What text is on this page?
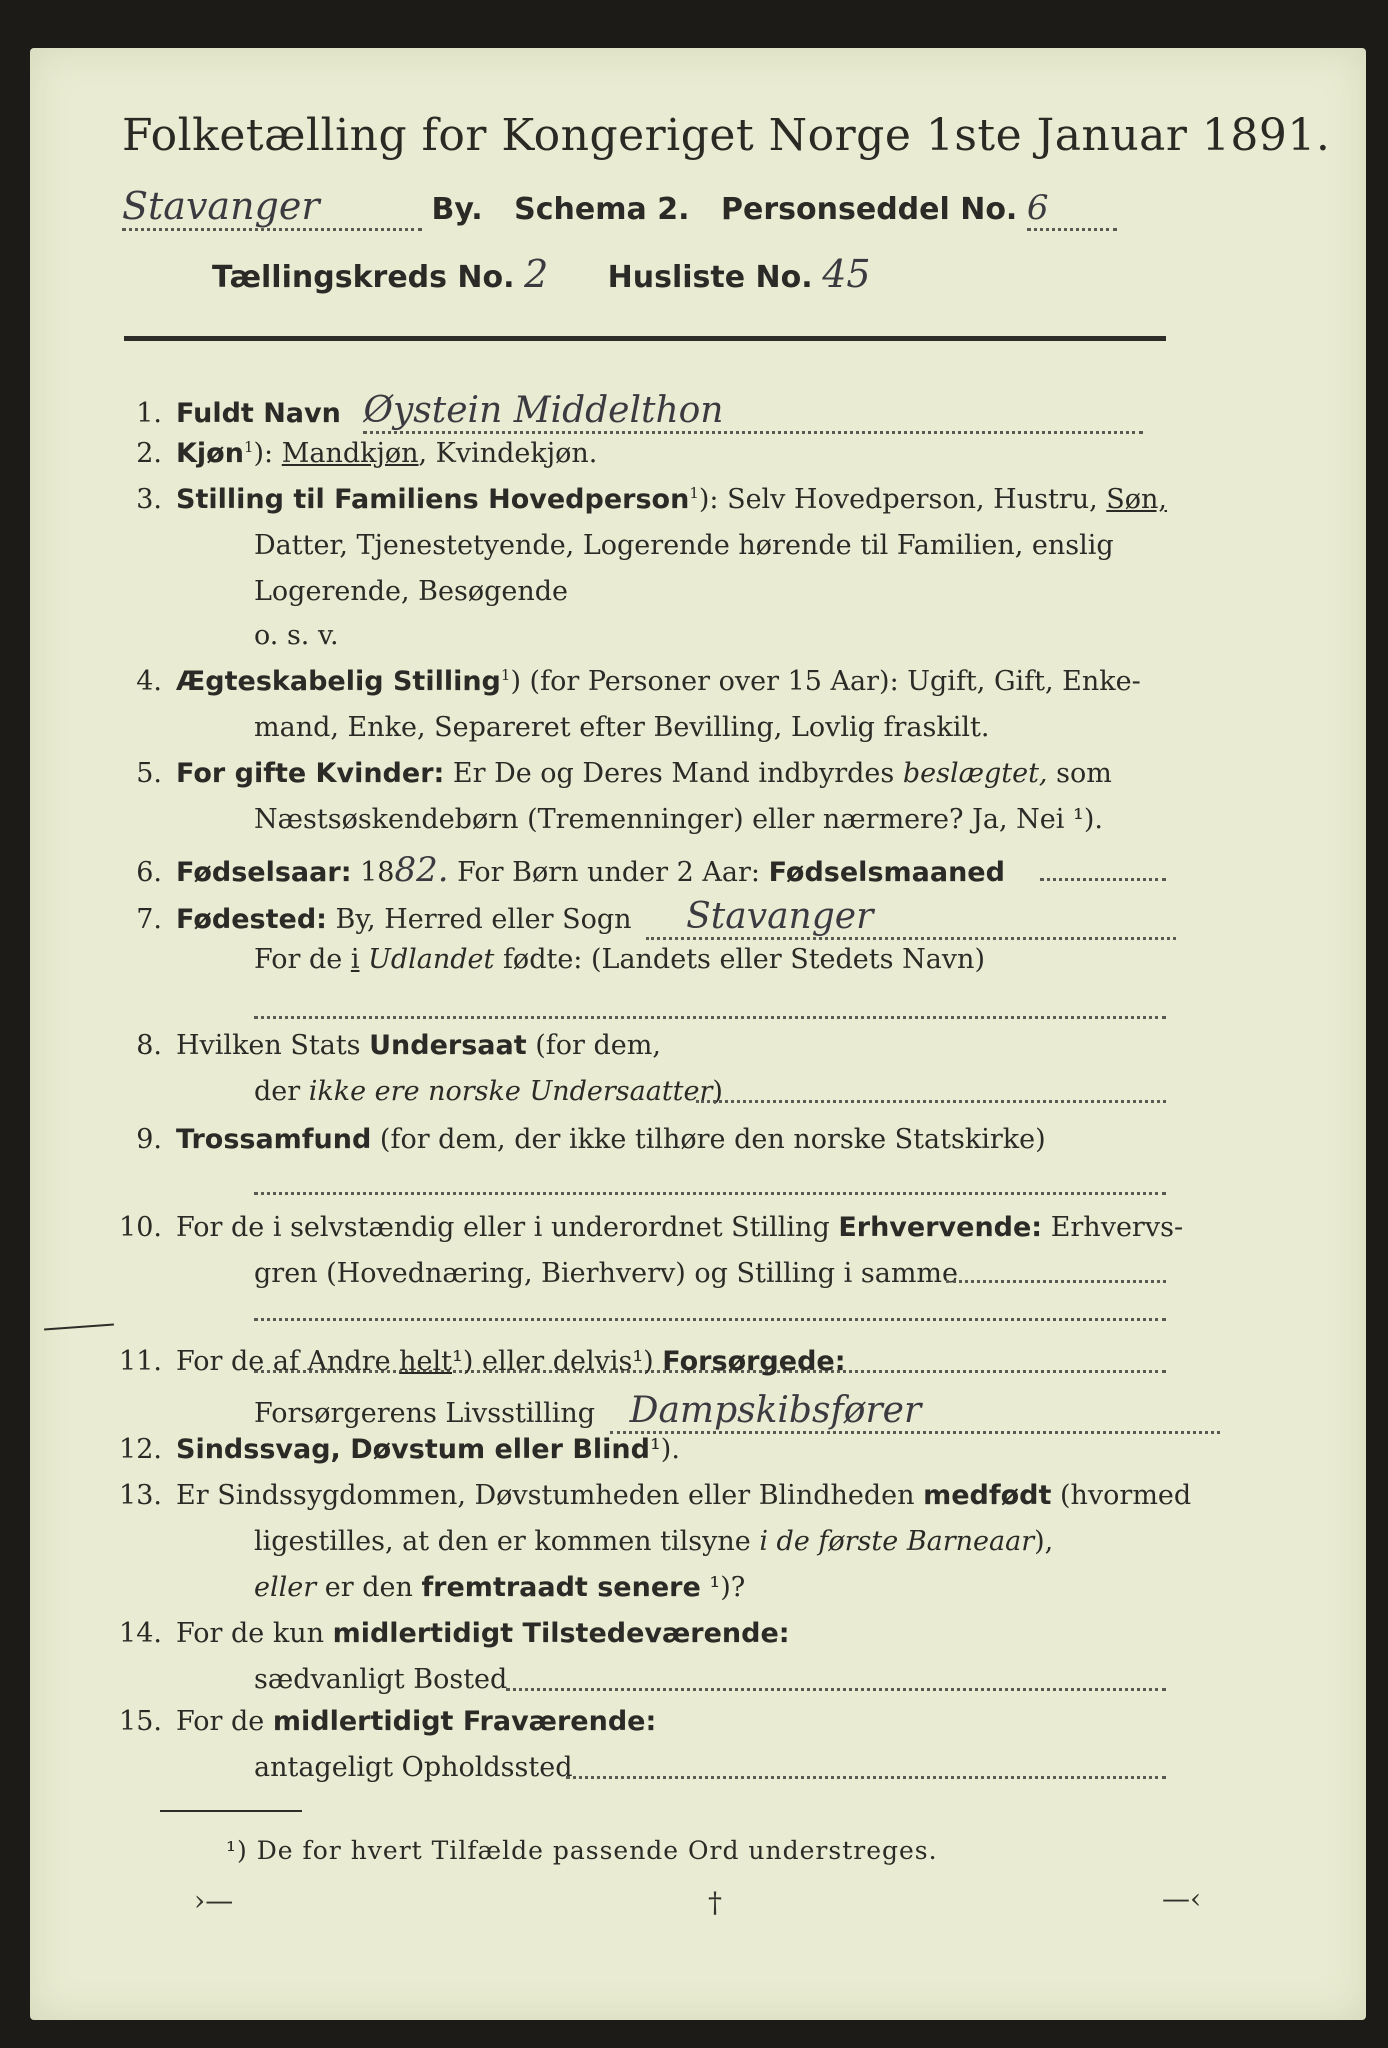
Folketælling for Kongeriget Norge 1ste Januar 1891.
Stavanger	By. Schema 2. Personseddel No. 6
Tællingskreds No. 2 Husliste No. 45
1. Fuldt Navn Øystein Middelthon
2. Kjøn$^1$): Mandkjøn, Kvindekjøn.
3. Stilling til Familiens Hovedperson$^1$): Selv Hovedperson, Hustru, Søn,
Datter, Tjenestetyende, Logerende hørende til Familien, enslig
Logerende, Besøgende
o. s. v.
4. Ægteskabelig Stilling$^1$) (for Personer over 15 Aar): Ugift, Gift, Enke-
mand, Enke, Separeret efter Bevilling, Lovlig fraskilt.
5. For gifte Kvinder: Er De og Deres Mand indbyrdes beslægtet, som
Næstsøskendebørn (Tremenninger) eller nærmere? Ja, Nei ¹).
6. Fødselsaar: 1882. For Børn under 2 Aar: Fødselsmaaned
7. Fødested: By, Herred eller Sogn Stavanger
For de i Udlandet fødte: (Landets eller Stedets Navn)
8. Hvilken Stats Undersaat (for dem,
der ikke ere norske Undersaatter)
9. Trossamfund (for dem, der ikke tilhøre den norske Statskirke)
10. For de i selvstændig eller i underordnet Stilling Erhvervende: Erhvervs-
gren (Hovednæring, Bierhverv) og Stilling i samme
11. For de af Andre helt¹) eller delvis¹) Forsørgede:
Forsørgerens Livsstilling Dampskibsfører
12. Sindssvag, Døvstum eller Blind¹).
13. Er Sindssygdommen, Døvstumheden eller Blindheden medfødt (hvormed
ligestilles, at den er kommen tilsyne i de første Barneaar),
eller er den fremtraadt senere ¹)?
14. For de kun midlertidigt Tilstedeværende:
sædvanligt Bosted
15. For de midlertidigt Fraværende:
antageligt Opholdssted
¹) De for hvert Tilfælde passende Ord understreges.
›—	†	—‹
